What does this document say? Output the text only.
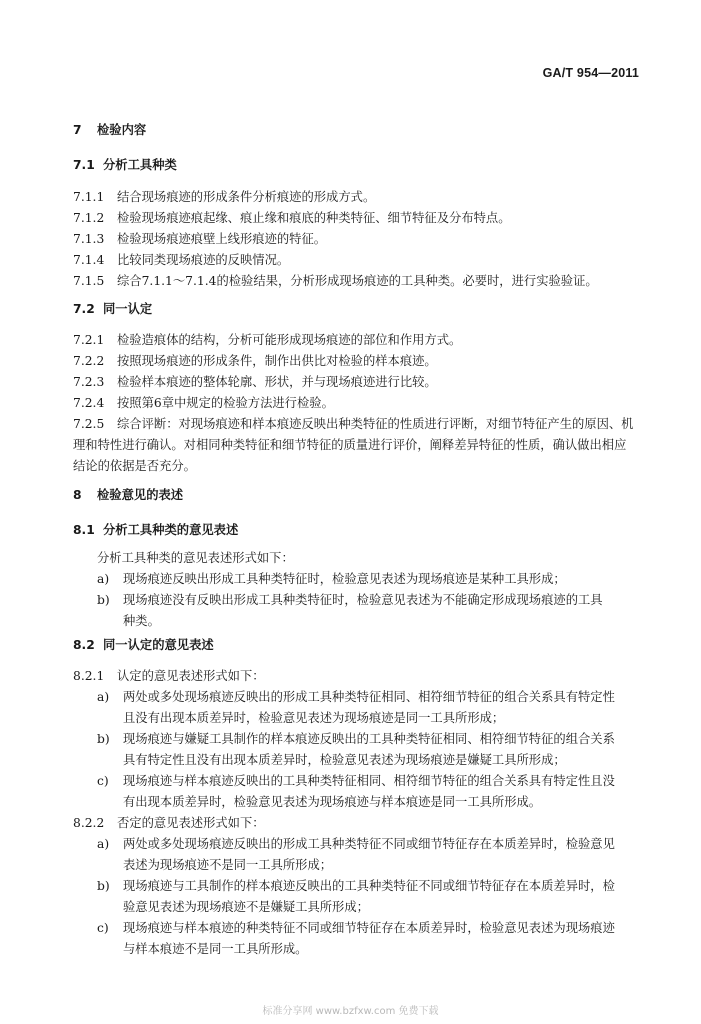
GA/T 954—2011
7 检验内容
7.1 分析工具种类
7.1.1 结合现场痕迹的形成条件分析痕迹的形成方式。
7.1.2 检验现场痕迹痕起缘、痕止缘和痕底的种类特征、细节特征及分布特点。
7.1.3 检验现场痕迹痕壁上线形痕迹的特征。
7.1.4 比较同类现场痕迹的反映情况。
7.1.5 综合7.1.1～7.1.4的检验结果，分析形成现场痕迹的工具种类。必要时，进行实验验证。
7.2 同一认定
7.2.1 检验造痕体的结构，分析可能形成现场痕迹的部位和作用方式。
7.2.2 按照现场痕迹的形成条件，制作出供比对检验的样本痕迹。
7.2.3 检验样本痕迹的整体轮廓、形状，并与现场痕迹进行比较。
7.2.4 按照第6章中规定的检验方法进行检验。
7.2.5 综合评断：对现场痕迹和样本痕迹反映出种类特征的性质进行评断，对细节特征产生的原因、机
理和特性进行确认。对相同种类特征和细节特征的质量进行评价，阐释差异特征的性质，确认做出相应
结论的依据是否充分。
8 检验意见的表述
8.1 分析工具种类的意见表述
分析工具种类的意见表述形式如下：
a) 现场痕迹反映出形成工具种类特征时，检验意见表述为现场痕迹是某种工具形成；
b) 现场痕迹没有反映出形成工具种类特征时，检验意见表述为不能确定形成现场痕迹的工具
种类。
8.2 同一认定的意见表述
8.2.1 认定的意见表述形式如下：
a) 两处或多处现场痕迹反映出的形成工具种类特征相同、相符细节特征的组合关系具有特定性
且没有出现本质差异时，检验意见表述为现场痕迹是同一工具所形成；
b) 现场痕迹与嫌疑工具制作的样本痕迹反映出的工具种类特征相同、相符细节特征的组合关系
具有特定性且没有出现本质差异时，检验意见表述为现场痕迹是嫌疑工具所形成；
c) 现场痕迹与样本痕迹反映出的工具种类特征相同、相符细节特征的组合关系具有特定性且没
有出现本质差异时，检验意见表述为现场痕迹与样本痕迹是同一工具所形成。
8.2.2 否定的意见表述形式如下：
a) 两处或多处现场痕迹反映出的形成工具种类特征不同或细节特征存在本质差异时，检验意见
表述为现场痕迹不是同一工具所形成；
b) 现场痕迹与工具制作的样本痕迹反映出的工具种类特征不同或细节特征存在本质差异时，检
验意见表述为现场痕迹不是嫌疑工具所形成；
c) 现场痕迹与样本痕迹的种类特征不同或细节特征存在本质差异时，检验意见表述为现场痕迹
与样本痕迹不是同一工具所形成。
标准分享网 www.bzfxw.com 免费下载
